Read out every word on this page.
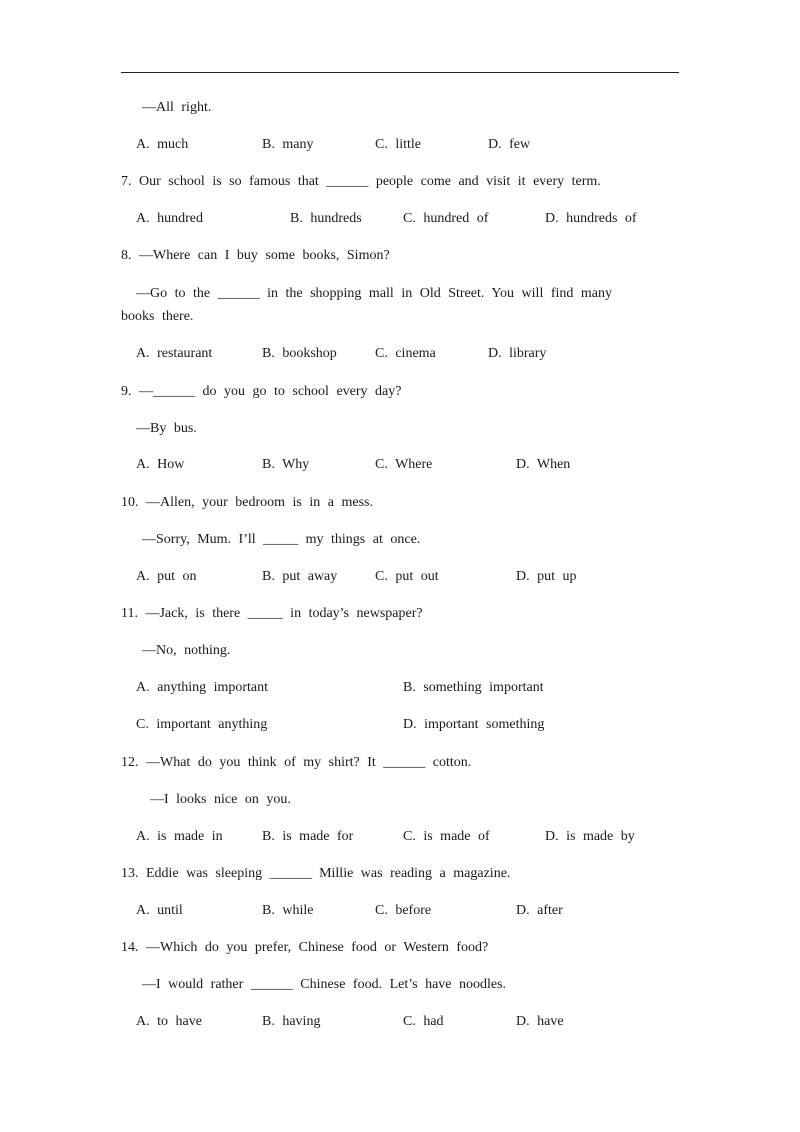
—All right.
A. much	B. many	C. little	D. few
7. Our school is so famous that ______ people come and visit it every term.
A. hundred	B. hundreds	C. hundred of	D. hundreds of
8. —Where can I buy some books, Simon?
—Go to the ______ in the shopping mall in Old Street. You will find many
books there.
A. restaurant	B. bookshop	C. cinema	D. library
9. —______ do you go to school every day?
—By bus.
A. How	B. Why	C. Where	D. When
10. —Allen, your bedroom is in a mess.
—Sorry, Mum. I’ll _____ my things at once.
A. put on	B. put away	C. put out	D. put up
11. —Jack, is there _____ in today’s newspaper?
—No, nothing.
A. anything important	B. something important
C. important anything	D. important something
12. —What do you think of my shirt? It ______ cotton.
—I looks nice on you.
A. is made in	B. is made for	C. is made of	D. is made by
13. Eddie was sleeping ______ Millie was reading a magazine.
A. until	B. while	C. before	D. after
14. —Which do you prefer, Chinese food or Western food?
—I would rather ______ Chinese food. Let’s have noodles.
A. to have	B. having	C. had	D. have
